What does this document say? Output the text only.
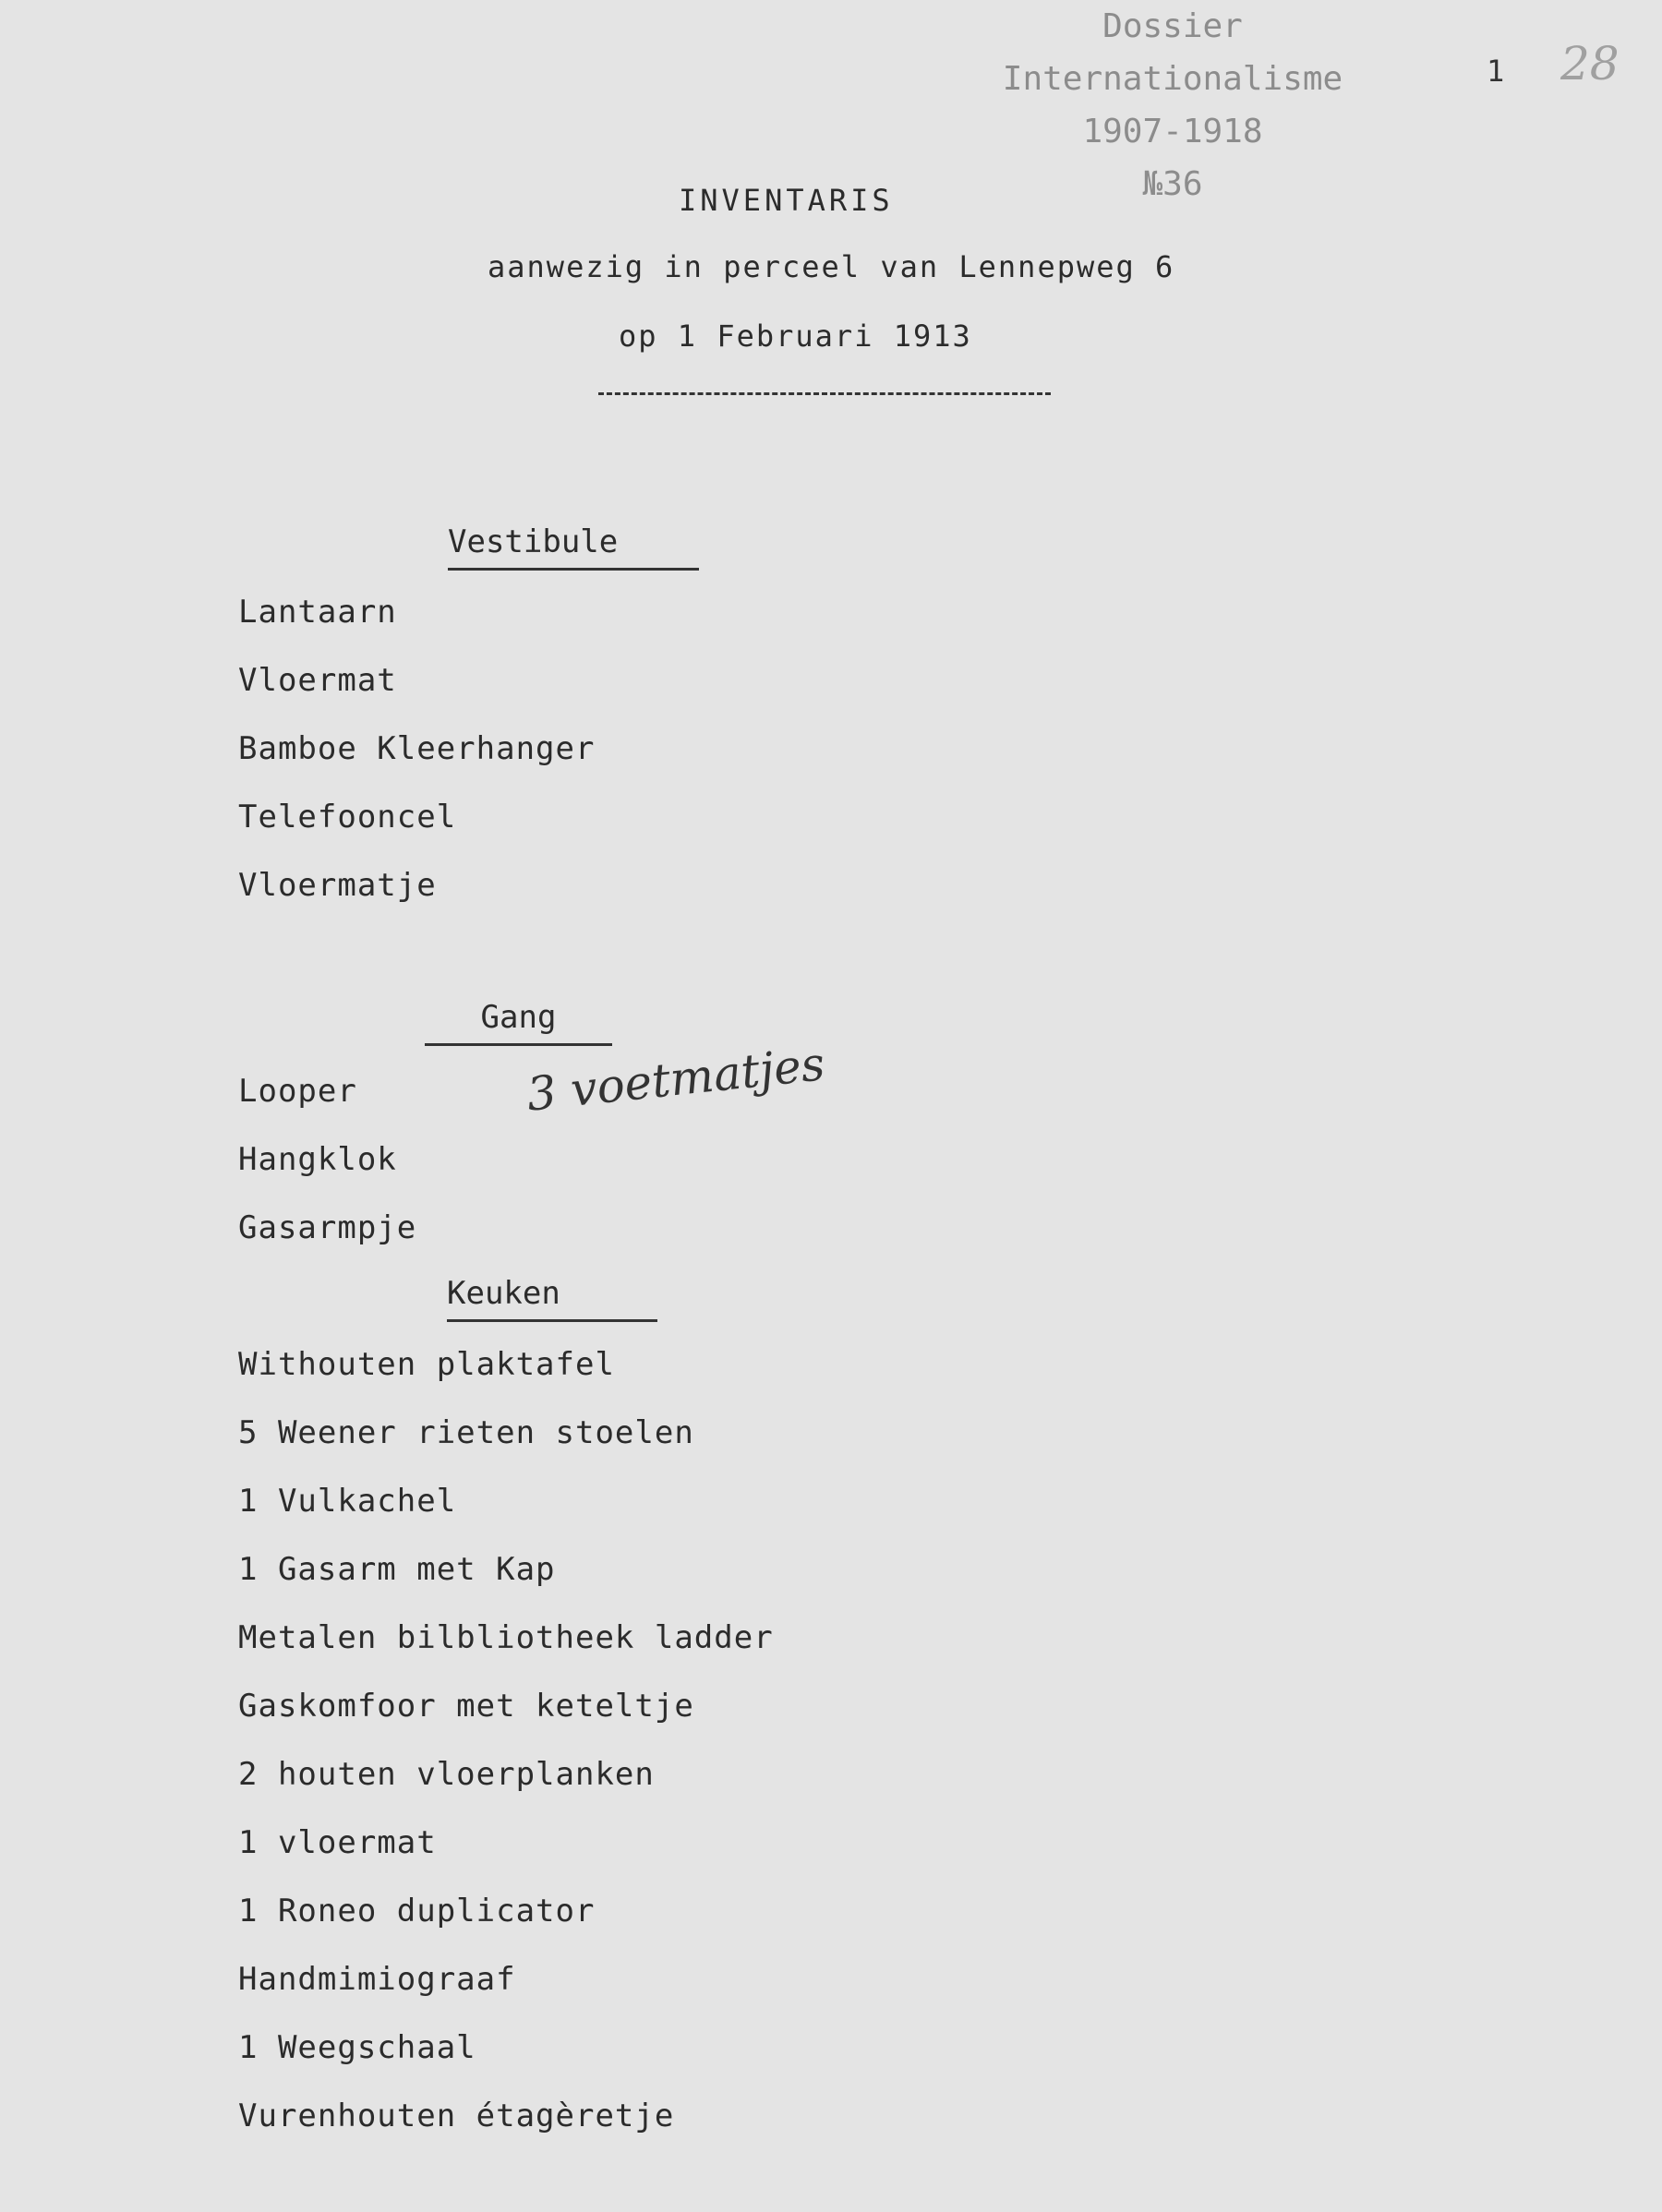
Dossier
Internationalisme
1907-1918
№36
1 28
INVENTARIS
aanwezig in perceel van Lennepweg 6
op 1 Februari 1913
Vestibule
Lantaarn
Vloermat
Bamboe Kleerhanger
Telefooncel
Vloermatje
Gang
Looper	3 voetmatjes
Hangklok
Gasarmpje
Keuken
Withouten plaktafel
5 Weener rieten stoelen
1 Vulkachel
1 Gasarm met Kap
Metalen bilbliotheek ladder
Gaskomfoor met keteltje
2 houten vloerplanken
1 vloermat
1 Roneo duplicator
Handmimiograaf
1 Weegschaal
Vurenhouten étagèretje
